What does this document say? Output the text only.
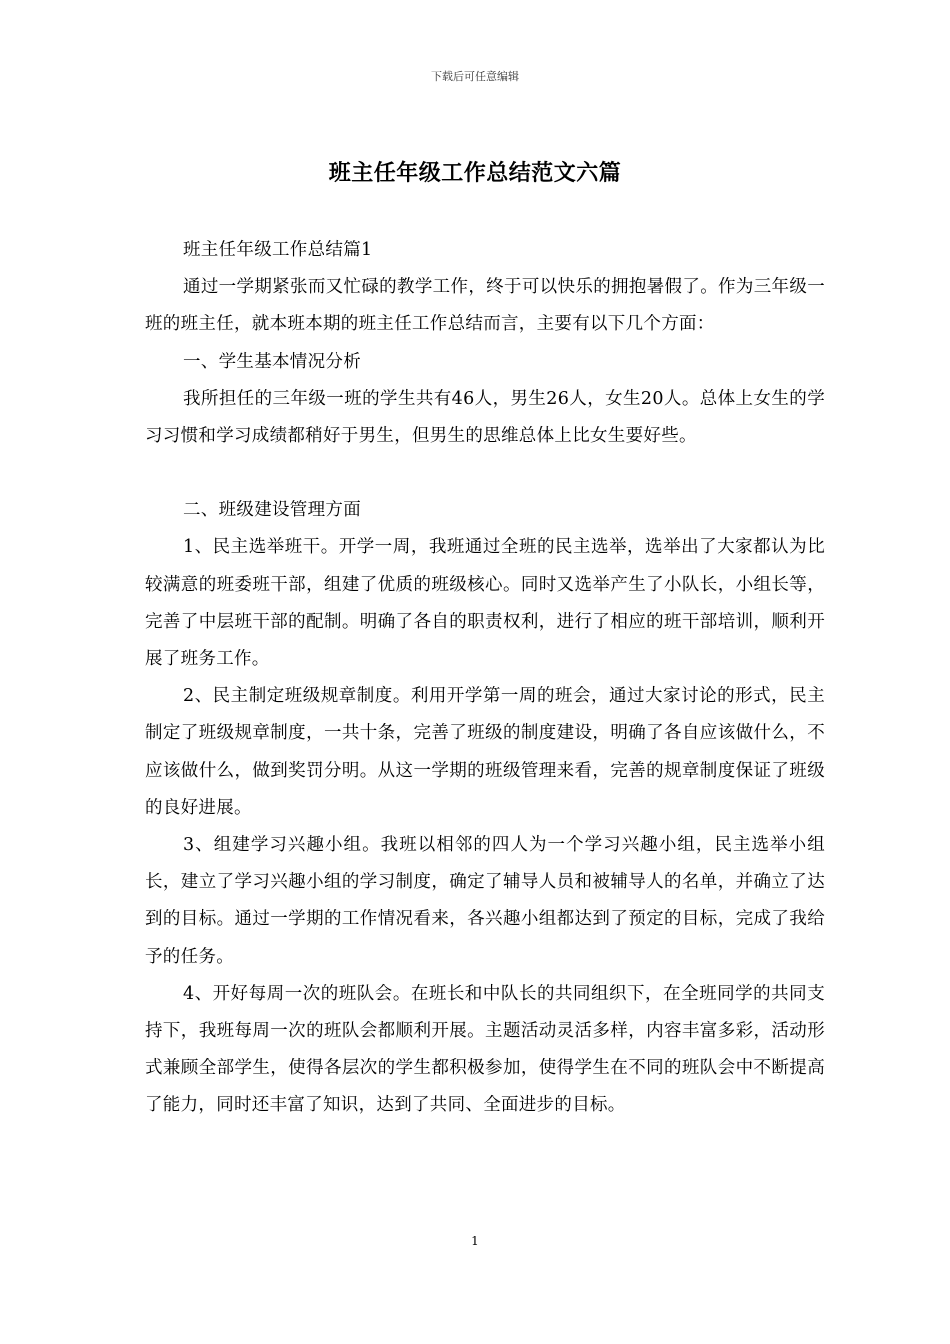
下载后可任意编辑
班主任年级工作总结范文六篇

班主任年级工作总结篇1

通过一学期紧张而又忙碌的教学工作，终于可以快乐的拥抱暑假了。作为三年级一班的班主任，就本班本期的班主任工作总结而言，主要有以下几个方面：

一、学生基本情况分析

我所担任的三年级一班的学生共有46人，男生26人，女生20人。总体上女生的学习习惯和学习成绩都稍好于男生，但男生的思维总体上比女生要好些。

二、班级建设管理方面

1、民主选举班干。开学一周，我班通过全班的民主选举，选举出了大家都认为比较满意的班委班干部，组建了优质的班级核心。同时又选举产生了小队长，小组长等，完善了中层班干部的配制。明确了各自的职责权利，进行了相应的班干部培训，顺利开展了班务工作。

2、民主制定班级规章制度。利用开学第一周的班会，通过大家讨论的形式，民主制定了班级规章制度，一共十条，完善了班级的制度建设，明确了各自应该做什么，不应该做什么，做到奖罚分明。从这一学期的班级管理来看，完善的规章制度保证了班级的良好进展。

3、组建学习兴趣小组。我班以相邻的四人为一个学习兴趣小组，民主选举小组长，建立了学习兴趣小组的学习制度，确定了辅导人员和被辅导人的名单，并确立了达到的目标。通过一学期的工作情况看来，各兴趣小组都达到了预定的目标，完成了我给予的任务。

4、开好每周一次的班队会。在班长和中队长的共同组织下，在全班同学的共同支持下，我班每周一次的班队会都顺利开展。主题活动灵活多样，内容丰富多彩，活动形式兼顾全部学生，使得各层次的学生都积极参加，使得学生在不同的班队会中不断提高了能力，同时还丰富了知识，达到了共同、全面进步的目标。

1
